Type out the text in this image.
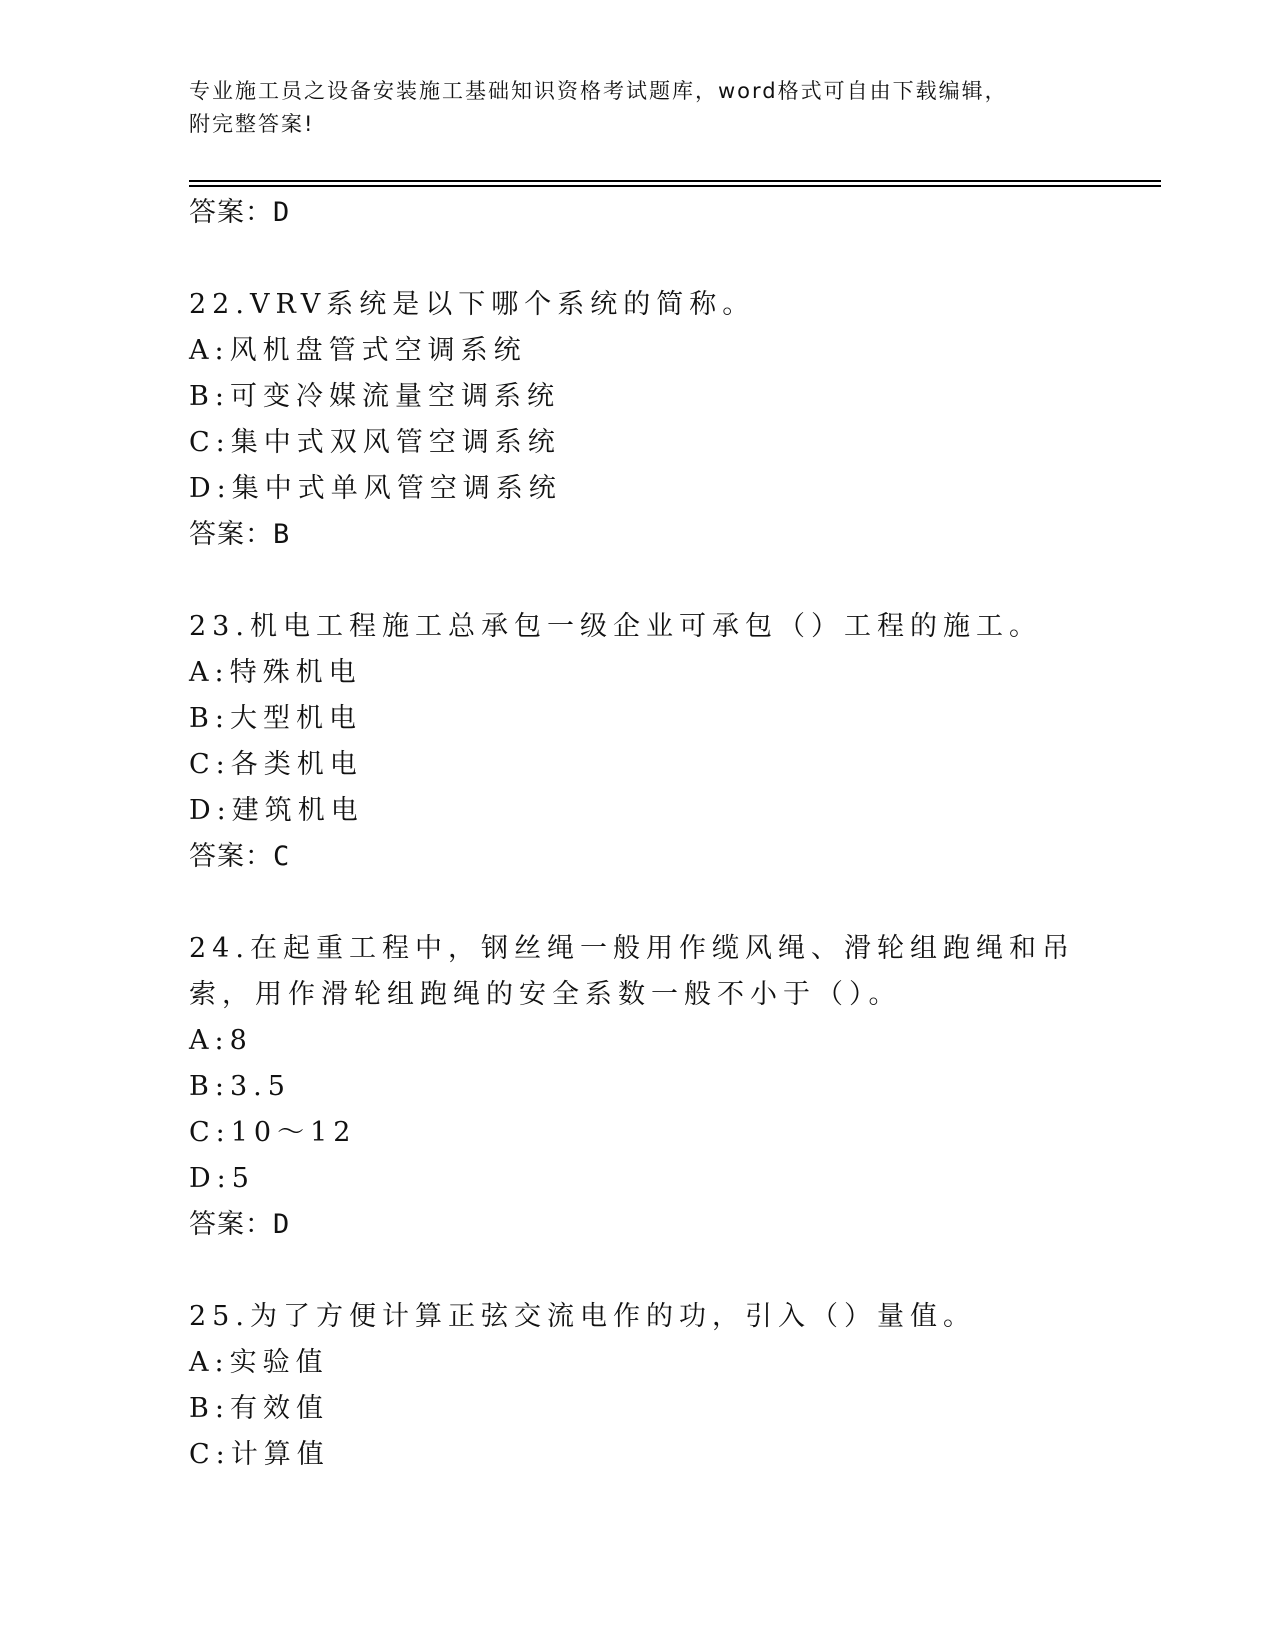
专业施工员之设备安装施工基础知识资格考试题库，word格式可自由下载编辑，
附完整答案!
答案：D
22.VRV系统是以下哪个系统的简称。
A:风机盘管式空调系统
B:可变冷媒流量空调系统
C:集中式双风管空调系统
D:集中式单风管空调系统
答案：B
23.机电工程施工总承包一级企业可承包（）工程的施工。
A:特殊机电
B:大型机电
C:各类机电
D:建筑机电
答案：C
24.在起重工程中，钢丝绳一般用作缆风绳、滑轮组跑绳和吊索，用作滑轮组跑绳的安全系数一般不小于（）。
A:8
B:3.5
C:10～12
D:5
答案：D
25.为了方便计算正弦交流电作的功，引入（）量值。
A:实验值
B:有效值
C:计算值
